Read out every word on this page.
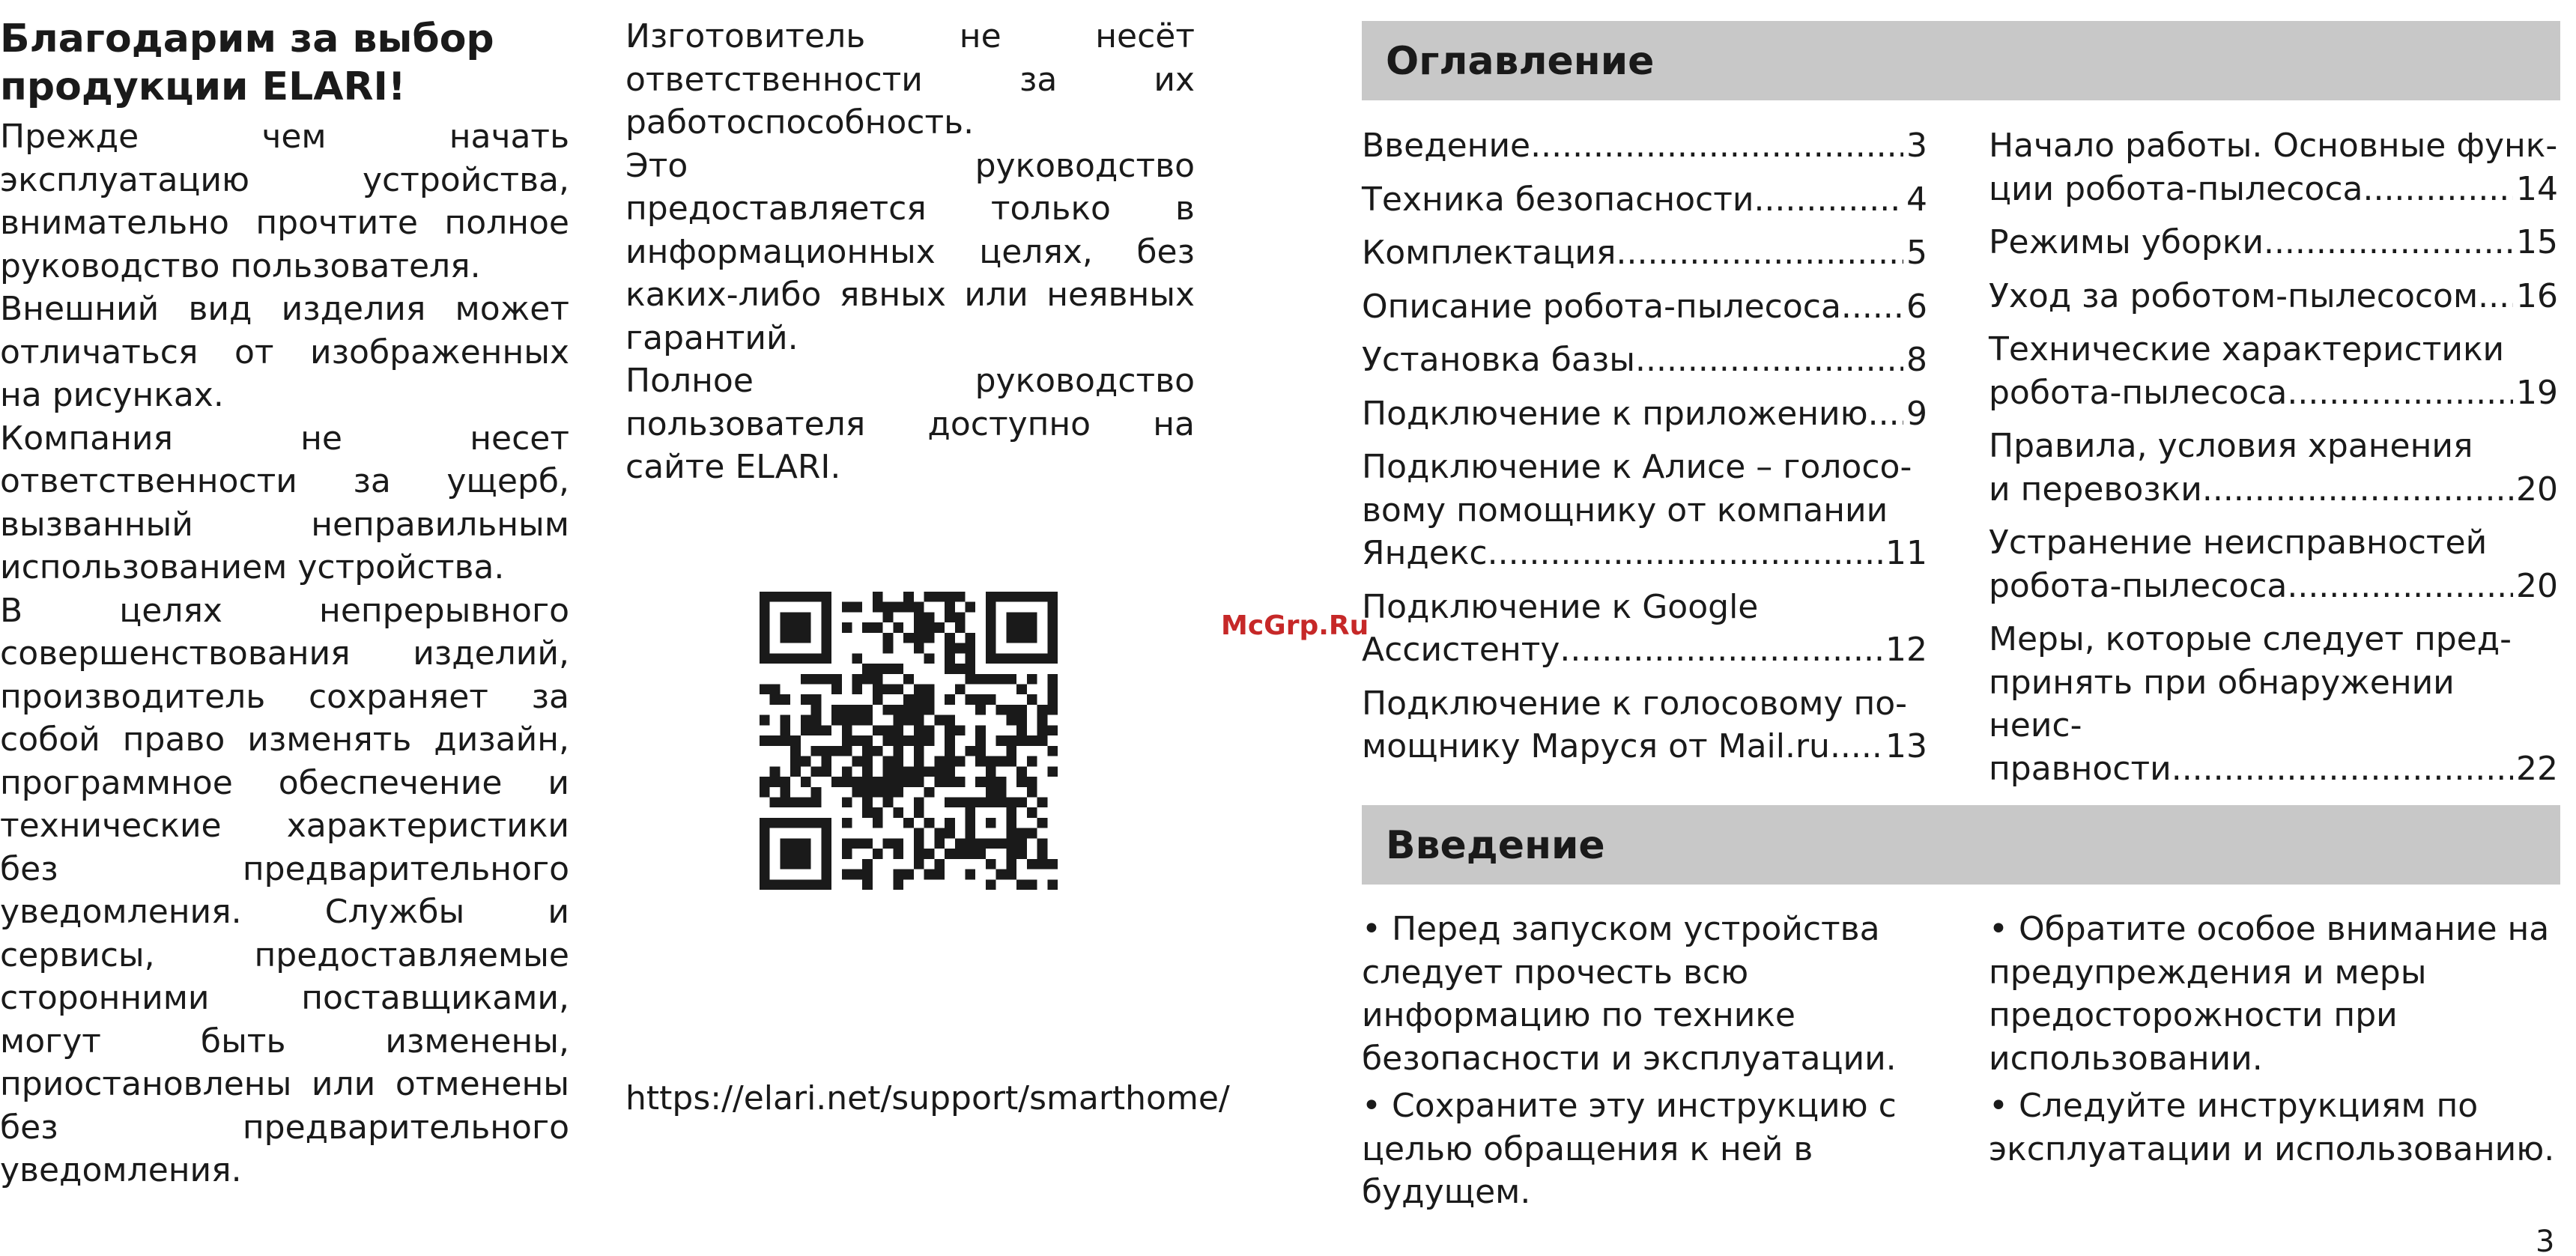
Благодарим за выбор
продукции ELARI!

Прежде чем начать эксплуатацию устройства, внимательно прочтите полное руководство пользователя.

Внешний вид изделия может отличаться от изображенных на рисунках.

Компания не несет ответственности за ущерб, вызванный неправильным использованием устройства.

В целях непрерывного совершенствования изделий, производитель сохраняет за собой право изменять дизайн, программное обеспечение и технические характеристики без предварительного уведомления. Службы и сервисы, предоставляемые сторонними поставщиками, могут быть изменены, приостановлены или отменены без предварительного уведомления.

Изготовитель не несёт ответственности за их работоспособность.

Это руководство предоставляется только в информационных целях, без каких-либо явных или неявных гарантий.

Полное руководство пользователя доступно на сайте ELARI.

https://elari.net/support/smarthome/
Оглавление
Введение .....	3
Техника безопасности .....	4
Комплектация .....	5
Описание робота-пылесоса ..... 6
Установка базы .....	8
Подключение к приложению ..... 9
Подключение к Алисе – голосо-
вому помощнику от компании
Яндекс .....	11
Подключение к Google
Ассистенту .....	12
Подключение к голосовому по-
мощнику Маруся от Mail.ru ..... 13
Начало работы. Основные функ-
ции робота-пылесоса .....	14
Режимы уборки .....	15
Уход за роботом-пылесосом ..... 16
Технические характеристики
робота-пылесоса .....	19
Правила, условия хранения
и перевозки .....	20
Устранение неисправностей
робота-пылесоса .....	20
Меры, которые следует пред-
принять при обнаружении неис-
правности .....	22
Введение

• Перед запуском устройства следует прочесть всю информацию по технике безопасности и эксплуатации.

• Сохраните эту инструкцию с целью обращения к ней в будущем.

• Обратите особое внимание на предупреждения и меры предосторожности при использовании.

• Следуйте инструкциям по эксплуатации и использованию.

McGrp.Ru
3
